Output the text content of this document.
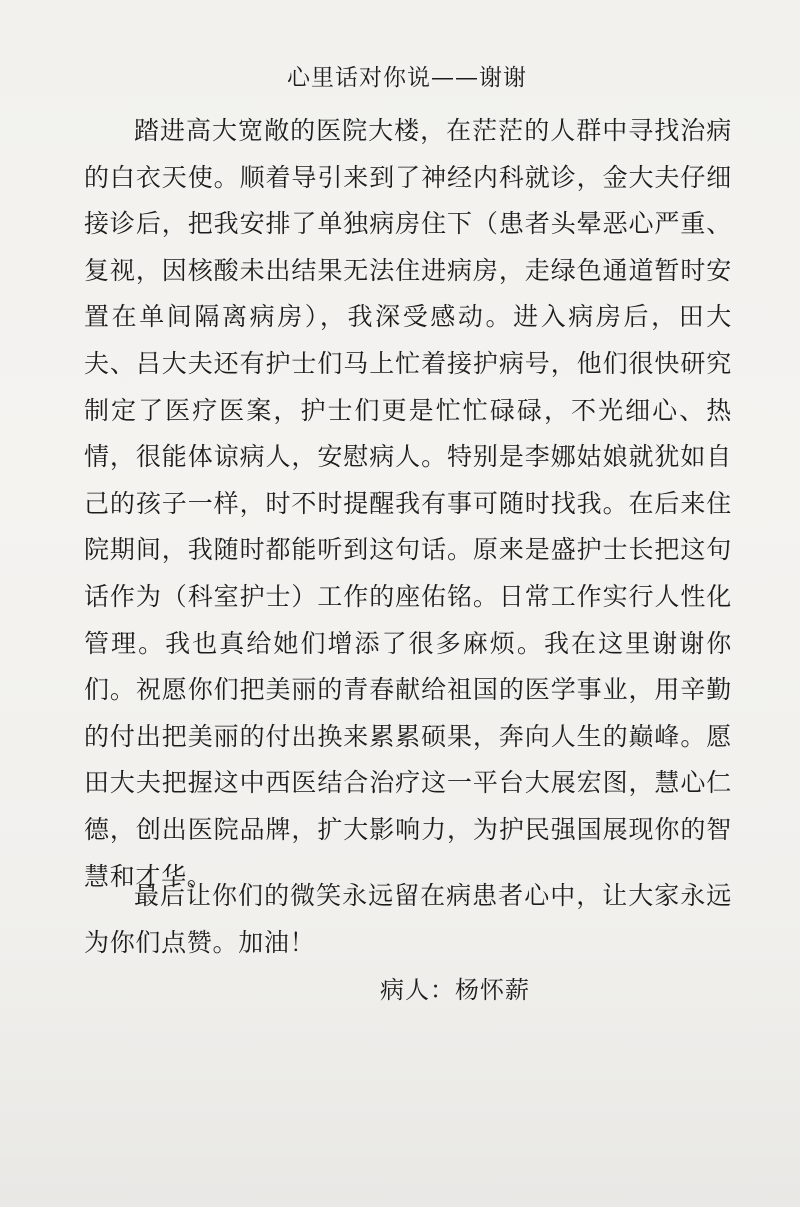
心里话对你说——谢谢

踏进高大宽敞的医院大楼，在茫茫的人群中寻找治病的白衣天使。顺着导引来到了神经内科就诊，金大夫仔细接诊后，把我安排了单独病房住下（患者头晕恶心严重、复视，因核酸未出结果无法住进病房，走绿色通道暂时安置在单间隔离病房），我深受感动。进入病房后，田大夫、吕大夫还有护士们马上忙着接护病号，他们很快研究制定了医疗医案，护士们更是忙忙碌碌，不光细心、热情，很能体谅病人，安慰病人。特别是李娜姑娘就犹如自己的孩子一样，时不时提醒我有事可随时找我。在后来住院期间，我随时都能听到这句话。原来是盛护士长把这句话作为（科室护士）工作的座佑铭。日常工作实行人性化管理。我也真给她们增添了很多麻烦。我在这里谢谢你们。祝愿你们把美丽的青春献给祖国的医学事业，用辛勤的付出把美丽的付出换来累累硕果，奔向人生的巅峰。愿田大夫把握这中西医结合治疗这一平台大展宏图，慧心仁德，创出医院品牌，扩大影响力，为护民强国展现你的智慧和才华。

最后让你们的微笑永远留在病患者心中，让大家永远为你们点赞。加油！

病人：杨怀薪
